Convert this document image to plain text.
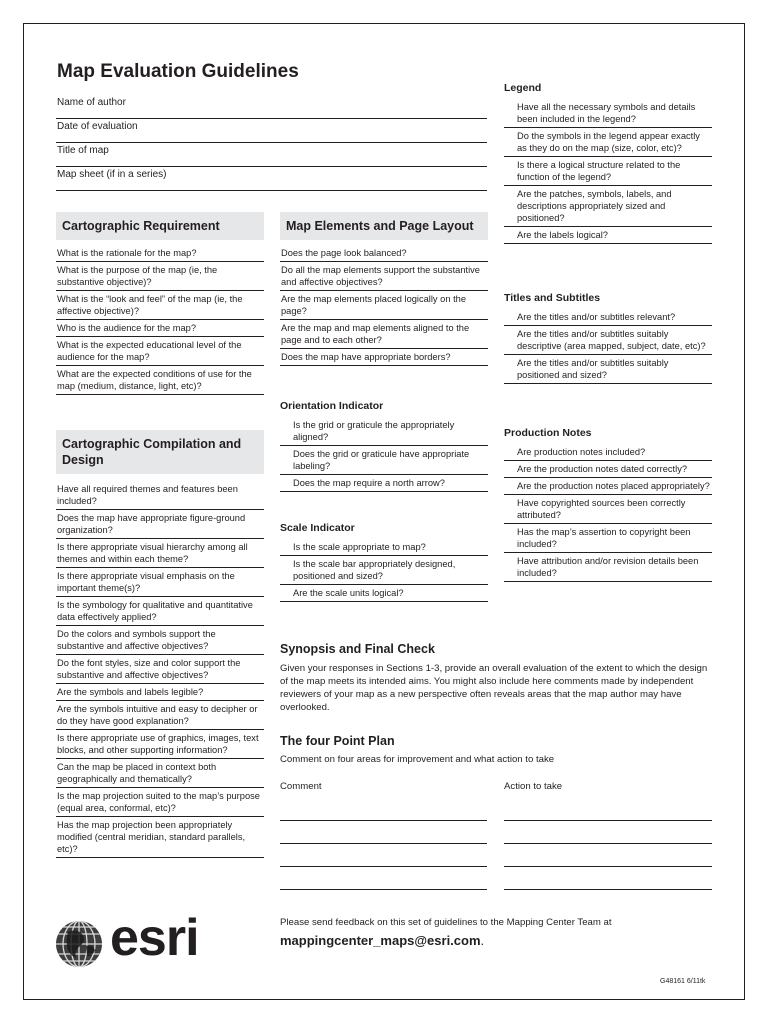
Map Evaluation Guidelines
Name of author
Date of evaluation
Title of map
Map sheet (if in a series)
Cartographic Requirement
What is the rationale for the map?
What is the purpose of the map (ie, the substantive objective)?
What is the “look and feel” of the map (ie, the affective objective)?
Who is the audience for the map?
What is the expected educational level of the audience for the map?
What are the expected conditions of use for the map (medium, distance, light, etc)?
Cartographic Compilation and Design
Have all required themes and features been included?
Does the map have appropriate figure-ground organization?
Is there appropriate visual hierarchy among all themes and within each theme?
Is there appropriate visual emphasis on the important theme(s)?
Is the symbology for qualitative and quantitative data effectively applied?
Do the colors and symbols support the substantive and affective objectives?
Do the font styles, size and color support the substantive and affective objectives?
Are the symbols and labels legible?
Are the symbols intuitive and easy to decipher or do they have good explanation?
Is there appropriate use of graphics, images, text blocks, and other supporting information?
Can the map be placed in context both geographically and thematically?
Is the map projection suited to the map’s purpose (equal area, conformal, etc)?
Has the map projection been appropriately modified (central meridian, standard parallels, etc)?
Map Elements and Page Layout
Does the page look balanced?
Do all the map elements support the substantive and affective objectives?
Are the map elements placed logically on the page?
Are the map and map elements aligned to the page and to each other?
Does the map have appropriate borders?
Orientation Indicator
Is the grid or graticule the appropriately aligned?
Does the grid or graticule have appropriate labeling?
Does the map require a north arrow?
Scale Indicator
Is the scale appropriate to map?
Is the scale bar appropriately designed, positioned and sized?
Are the scale units logical?
Legend
Have all the necessary symbols and details been included in the legend?
Do the symbols in the legend appear exactly as they do on the map (size, color, etc)?
Is there a logical structure related to the function of the legend?
Are the patches, symbols, labels, and descriptions appropriately sized and positioned?
Are the labels logical?
Titles and Subtitles
Are the titles and/or subtitles relevant?
Are the titles and/or subtitles suitably descriptive (area mapped, subject, date, etc)?
Are the titles and/or subtitles suitably positioned and sized?
Production Notes
Are production notes included?
Are the production notes dated correctly?
Are the production notes placed appropriately?
Have copyrighted sources been correctly attributed?
Has the map’s assertion to copyright been included?
Have attribution and/or revision details been included?
Synopsis and Final Check
Given your responses in Sections 1-3, provide an overall evaluation of the extent to which the design of the map meets its intended aims. You might also include here comments made by independent reviewers of your map as a new perspective often reveals areas that the map author may have overlooked.
The four Point Plan
Comment on four areas for improvement and what action to take
Comment	Action to take
esri	Please send feedback on this set of guidelines to the Mapping Center Team at
mappingcenter_maps@esri.com.
G48161 6/11tk
